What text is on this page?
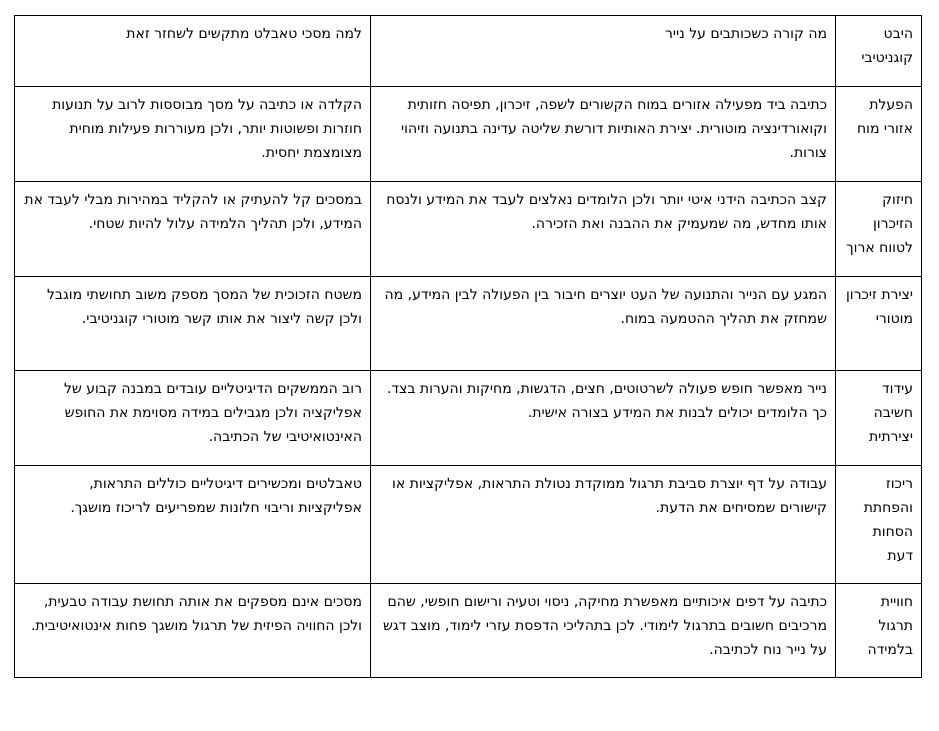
היבט קוגניטיבי	מה קורה כשכותבים על נייר	למה מסכי טאבלט מתקשים לשחזר זאת
הפעלת אזורי מוח	כתיבה ביד מפעילה אזורים במוח הקשורים לשפה, זיכרון, תפיסה חזותית וקואורדינציה מוטורית. יצירת האותיות דורשת שליטה עדינה בתנועה וזיהוי צורות.	הקלדה או כתיבה על מסך מבוססות לרוב על תנועות חוזרות ופשוטות יותר, ולכן מעוררות פעילות מוחית מצומצמת יחסית.
חיזוק הזיכרון לטווח ארוך	קצב הכתיבה הידני איטי יותר ולכן הלומדים נאלצים לעבד את המידע ולנסח אותו מחדש, מה שמעמיק את ההבנה ואת הזכירה.	במסכים קל להעתיק או להקליד במהירות מבלי לעבד את המידע, ולכן תהליך הלמידה עלול להיות שטחי.
יצירת זיכרון מוטורי	המגע עם הנייר והתנועה של העט יוצרים חיבור בין הפעולה לבין המידע, מה שמחזק את תהליך ההטמעה במוח.	משטח הזכוכית של המסך מספק משוב תחושתי מוגבל ולכן קשה ליצור את אותו קשר מוטורי קוגניטיבי.
עידוד חשיבה יצירתית	נייר מאפשר חופש פעולה לשרטוטים, חצים, הדגשות, מחיקות והערות בצד. כך הלומדים יכולים לבנות את המידע בצורה אישית.	רוב הממשקים הדיגיטליים עובדים במבנה קבוע של אפליקציה ולכן מגבילים במידה מסוימת את החופש האינטואיטיבי של הכתיבה.
ריכוז והפחתת הסחות דעת	עבודה על דף יוצרת סביבת תרגול ממוקדת נטולת התראות, אפליקציות או קישורים שמסיחים את הדעת.	טאבלטים ומכשירים דיגיטליים כוללים התראות, אפליקציות וריבוי חלונות שמפריעים לריכוז מושגך.
חוויית תרגול בלמידה	כתיבה על דפים איכותיים מאפשרת מחיקה, ניסוי וטעיה ורישום חופשי, שהם מרכיבים חשובים בתרגול לימודי. לכן בתהליכי הדפסת עזרי לימוד, מוצב דגש על נייר נוח לכתיבה.	מסכים אינם מספקים את אותה תחושת עבודה טבעית, ולכן החוויה הפיזית של תרגול מושגך פחות אינטואיטיבית.
